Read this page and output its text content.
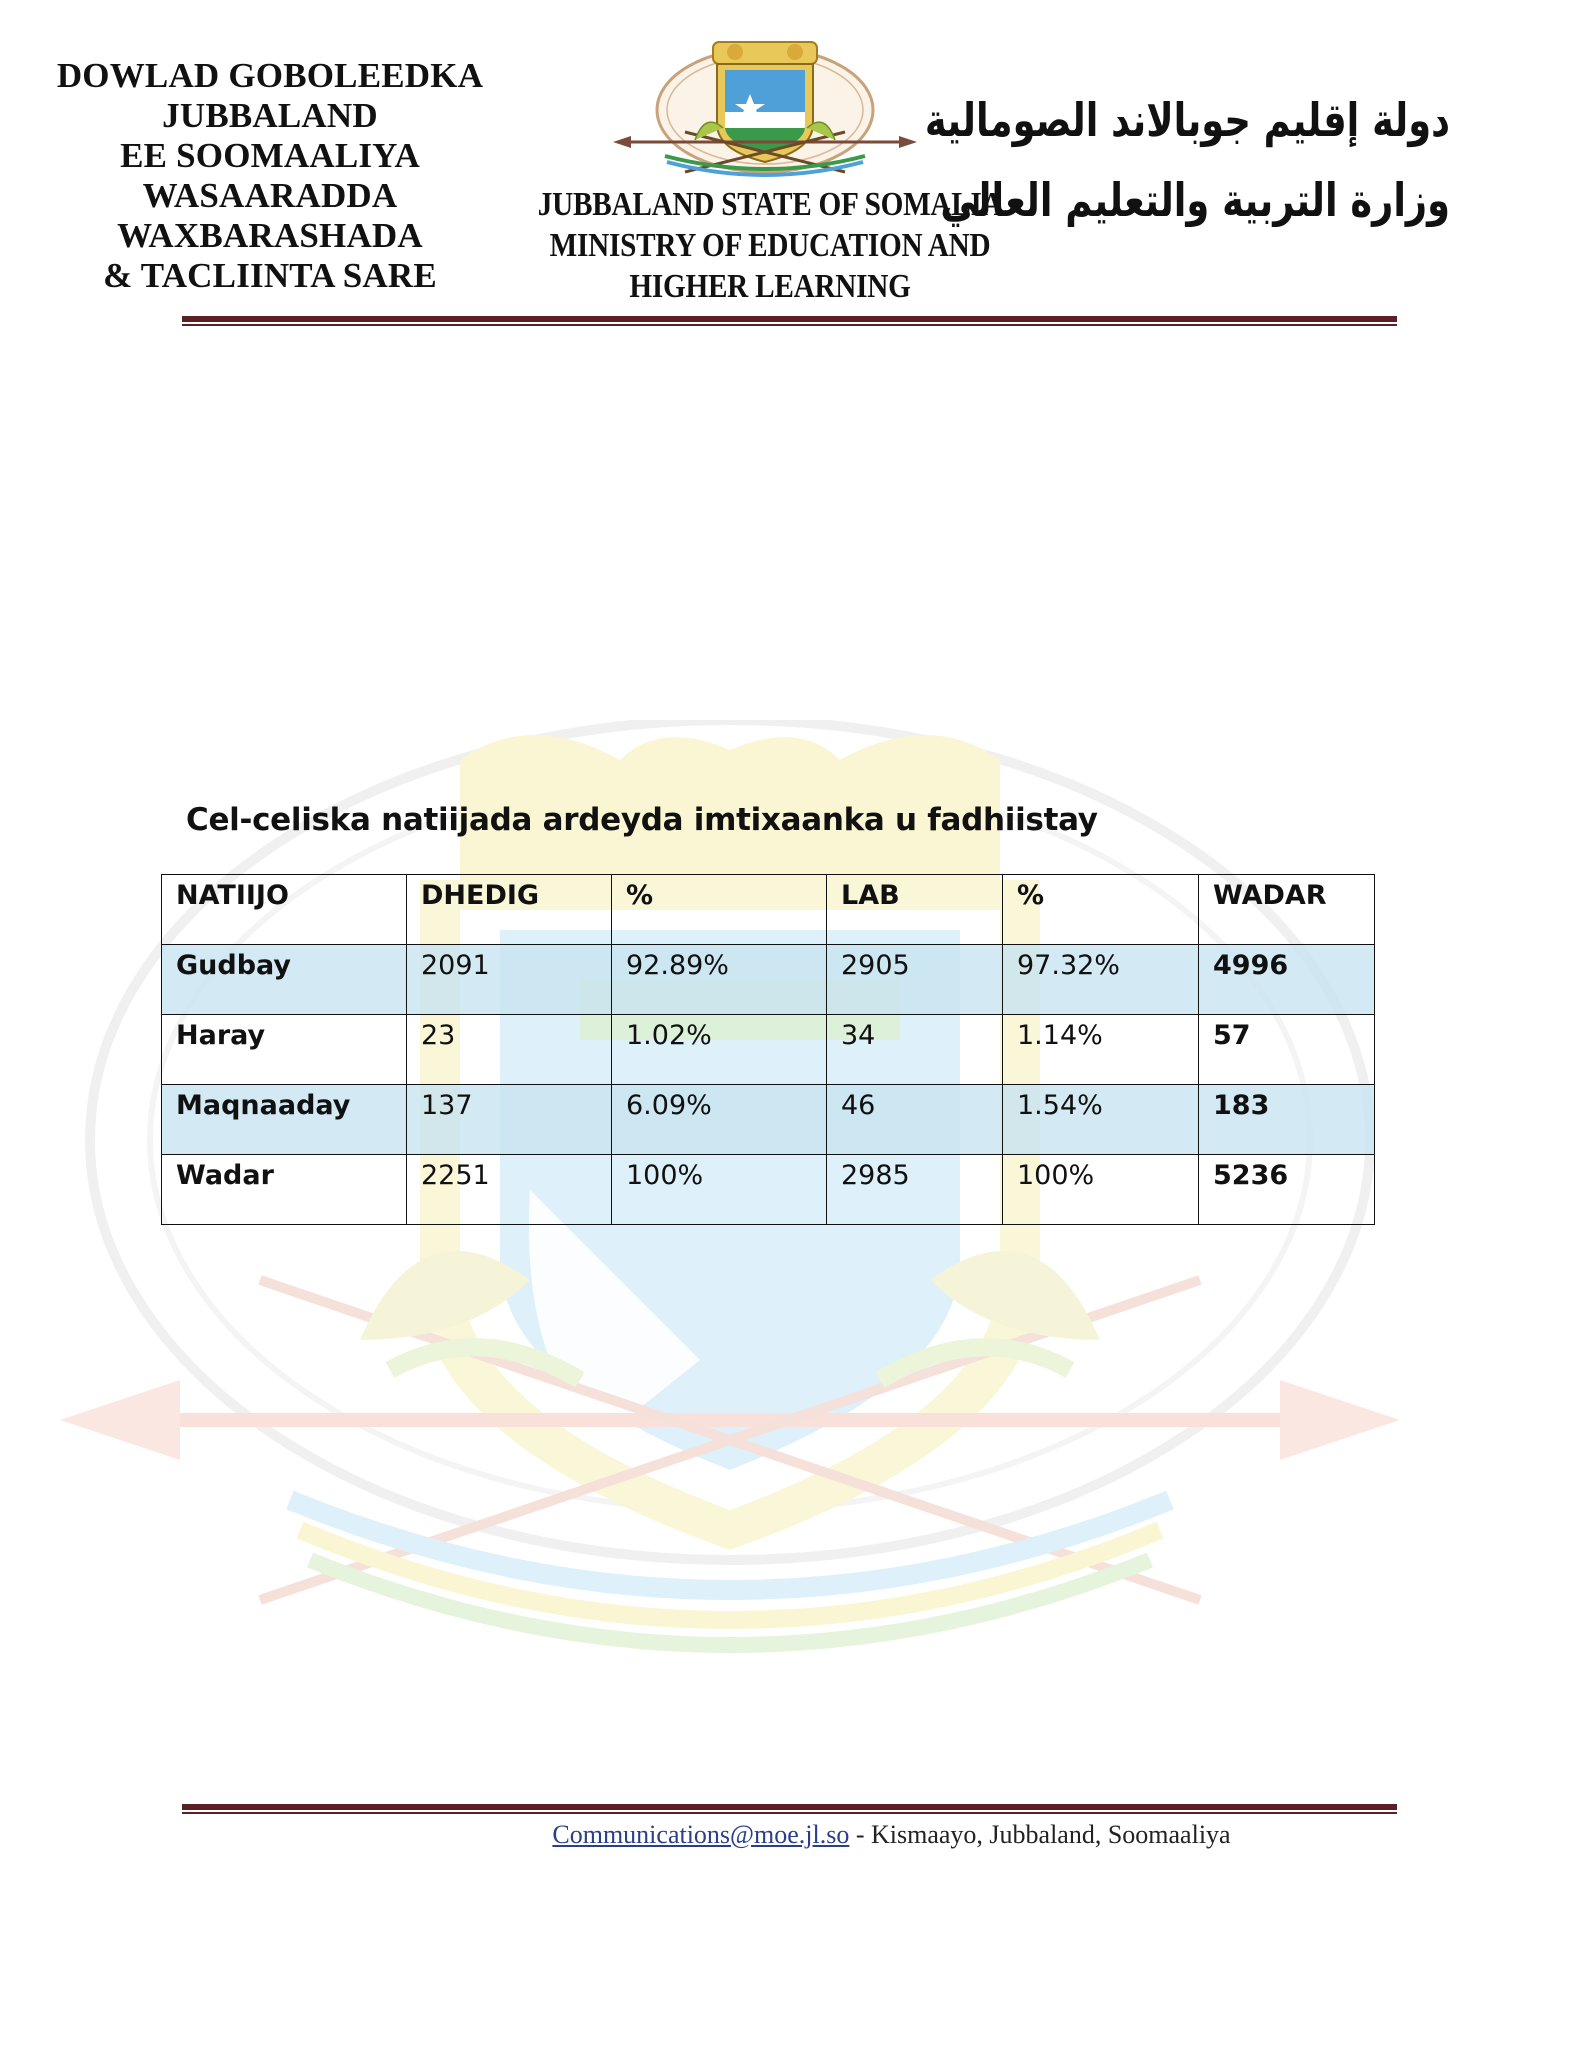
DOWLAD GOBOLEEDKA
JUBBALAND
EE SOOMAALIYA
WASAARADDA
WAXBARASHADA
& TACLIINTA SARE
JUBBALAND STATE OF SOMALIA
MINISTRY OF EDUCATION AND
HIGHER LEARNING
دولة إقليم جوبالاند الصومالية
وزارة التربية والتعليم العالي
Cel-celiska natiijada ardeyda imtixaanka u fadhiistay
NATIIJO	DHEDIG	%	LAB	%	WADAR
Gudbay	2091	92.89%	2905	97.32%	4996
Haray	23	1.02%	34	1.14%	57
Maqnaaday	137	6.09%	46	1.54%	183
Wadar	2251	100%	2985	100%	5236
Communications@moe.jl.so - Kismaayo, Jubbaland, Soomaaliya
